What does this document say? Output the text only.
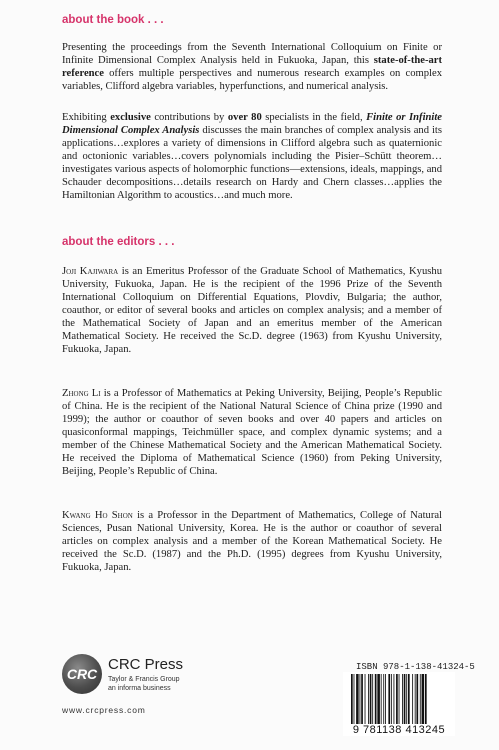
about the book . . .

Presenting the proceedings from the Seventh International Colloquium on Finite or Infinite Dimensional Complex Analysis held in Fukuoka, Japan, this state-of-the-art reference offers multiple perspectives and numerous research examples on complex variables, Clifford algebra variables, hyperfunctions, and numerical analysis.

Exhibiting exclusive contributions by over 80 specialists in the field, Finite or Infinite Dimensional Complex Analysis discusses the main branches of complex analysis and its applications…explores a variety of dimensions in Clifford algebra such as quaternionic and octonionic variables…covers polynomials including the Pisier–Schütt theorem…investigates various aspects of holomorphic functions—extensions, ideals, mappings, and Schauder decompositions…details research on Hardy and Chern classes…applies the Hamiltonian Algorithm to acoustics…and much more.

about the editors . . .

Joji Kajiwara is an Emeritus Professor of the Graduate School of Mathematics, Kyushu University, Fukuoka, Japan. He is the recipient of the 1996 Prize of the Seventh International Colloquium on Differential Equations, Plovdiv, Bulgaria; the author, coauthor, or editor of several books and articles on complex analysis; and a member of the Mathematical Society of Japan and an emeritus member of the American Mathematical Society. He received the Sc.D. degree (1963) from Kyushu University, Fukuoka, Japan.

Zhong Li is a Professor of Mathematics at Peking University, Beijing, People’s Republic of China. He is the recipient of the National Natural Science of China prize (1990 and 1999); the author or coauthor of seven books and over 40 papers and articles on quasiconformal mappings, Teichmüller space, and complex dynamic systems; and a member of the Chinese Mathematical Society and the American Mathematical Society. He received the Diploma of Mathematical Science (1960) from Peking University, Beijing, People’s Republic of China.

Kwang Ho Shon is a Professor in the Department of Mathematics, College of Natural Sciences, Pusan National University, Korea. He is the author or coauthor of several articles on complex analysis and a member of the Korean Mathematical Society. He received the Sc.D. (1987) and the Ph.D. (1995) degrees from Kyushu University, Fukuoka, Japan.

CRC
CRC Press
Taylor & Francis Group
an informa business
www.crcpress.com
ISBN 978-1-138-41324-5
9 781138 413245
